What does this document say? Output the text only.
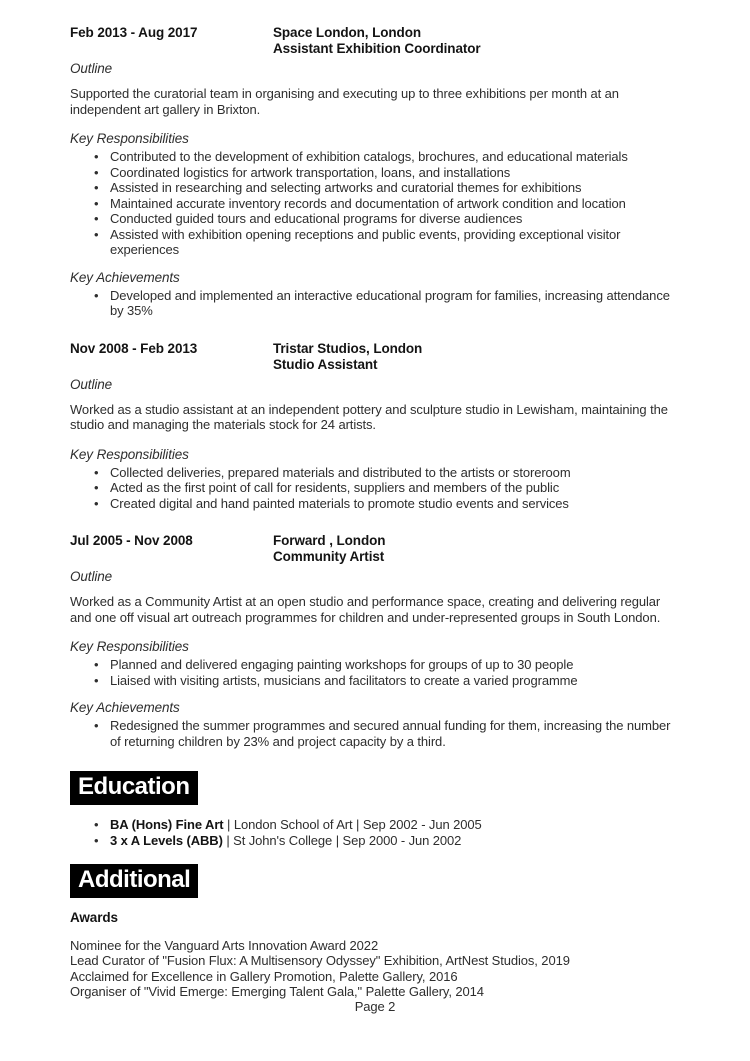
Feb 2013 - Aug 2017	Space London, London
Assistant Exhibition Coordinator

Outline

Supported the curatorial team in organising and executing up to three exhibitions per month at an independent art gallery in Brixton.

Key Responsibilities

• Contributed to the development of exhibition catalogs, brochures, and educational materials
• Coordinated logistics for artwork transportation, loans, and installations
• Assisted in researching and selecting artworks and curatorial themes for exhibitions
• Maintained accurate inventory records and documentation of artwork condition and location
• Conducted guided tours and educational programs for diverse audiences
• Assisted with exhibition opening receptions and public events, providing exceptional visitor experiences

Key Achievements

• Developed and implemented an interactive educational program for families, increasing attendance by 35%
Nov 2008 - Feb 2013	Tristar Studios, London
Studio Assistant

Outline

Worked as a studio assistant at an independent pottery and sculpture studio in Lewisham, maintaining the studio and managing the materials stock for 24 artists.

Key Responsibilities

• Collected deliveries, prepared materials and distributed to the artists or storeroom
• Acted as the first point of call for residents, suppliers and members of the public
• Created digital and hand painted materials to promote studio events and services
Jul 2005 - Nov 2008	Forward , London
Community Artist

Outline

Worked as a Community Artist at an open studio and performance space, creating and delivering regular and one off visual art outreach programmes for children and under-represented groups in South London.

Key Responsibilities

• Planned and delivered engaging painting workshops for groups of up to 30 people
• Liaised with visiting artists, musicians and facilitators to create a varied programme

Key Achievements

• Redesigned the summer programmes and secured annual funding for them, increasing the number of returning children by 23% and project capacity by a third.
Education
• BA (Hons) Fine Art | London School of Art | Sep 2002 - Jun 2005
• 3 x A Levels (ABB) | St John's College | Sep 2000 - Jun 2002
Additional

Awards

Nominee for the Vanguard Arts Innovation Award 2022
Lead Curator of "Fusion Flux: A Multisensory Odyssey" Exhibition, ArtNest Studios, 2019
Acclaimed for Excellence in Gallery Promotion, Palette Gallery, 2016
Organiser of "Vivid Emerge: Emerging Talent Gala," Palette Gallery, 2014
Page 2
